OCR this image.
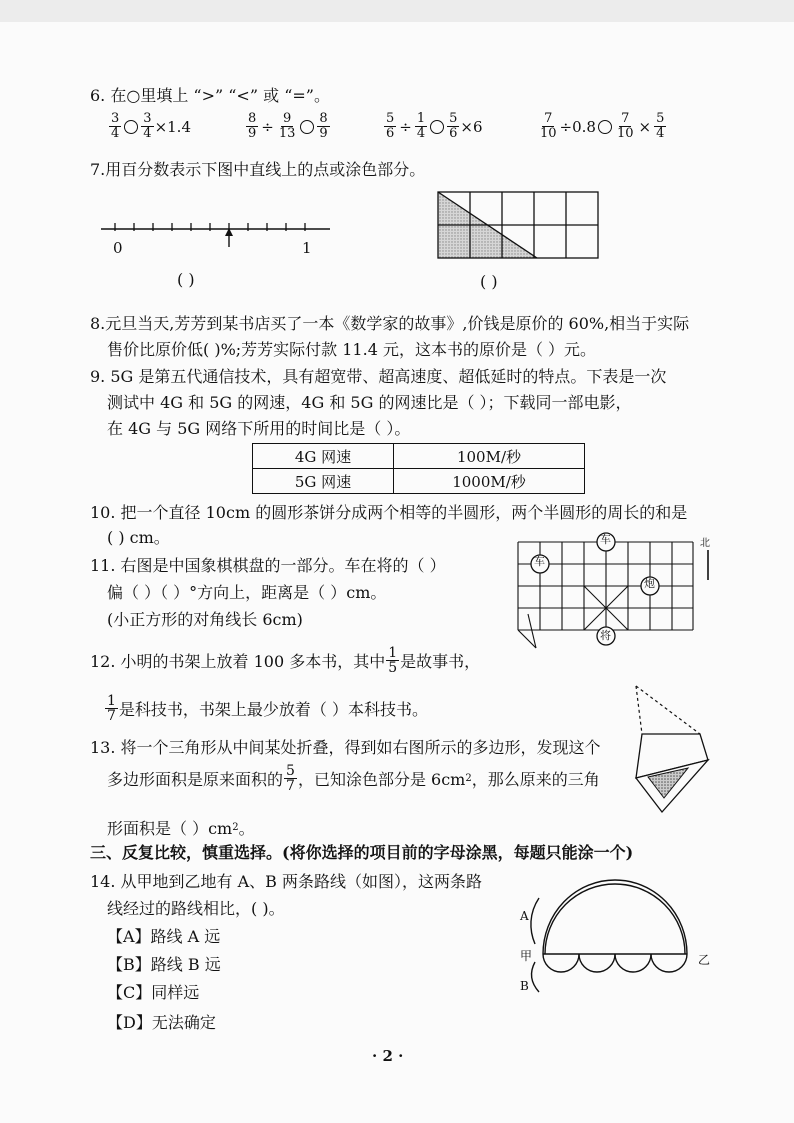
6. 在○里填上 “>” “<” 或 “=”。
$\frac{3}{4} \frac{3}{4} \times 1.4$	$\frac{8}{9} \div \frac{9}{13} \frac{8}{9}$	$\frac{5}{6} \div \frac{1}{4} \frac{5}{6} \times 6$	$\frac{7}{10} \div 0.8 \frac{7}{10} \times \frac{5}{4}$
7.用百分数表示下图中直线上的点或涂色部分。
0	1
( )	( )
8.元旦当天,芳芳到某书店买了一本《数学家的故事》,价钱是原价的 60%,相当于实际
售价比原价低( )%;芳芳实际付款 11.4 元，这本书的原价是（ ）元。
9. 5G 是第五代通信技术，具有超宽带、超高速度、超低延时的特点。下表是一次
测试中 4G 和 5G 的网速，4G 和 5G 的网速比是（ ）；下载同一部电影，
在 4G 与 5G 网络下所用的时间比是（ ）。
4G 网速	100M/秒
5G 网速	1000M/秒
10. 把一个直径 10cm 的圆形茶饼分成两个相等的半圆形，两个半圆形的周长的和是
( ) cm。
11. 右图是中国象棋棋盘的一部分。车在将的（ ）
偏（ ）（ ）°方向上，距离是（ ）cm。
(小正方形的对角线长 6cm)
北
车
车
炮
将
12. 小明的书架上放着 100 多本书，其中 $\frac{1}{5}$ 是故事书，
$\frac{1}{7}$ 是科技书，书架上最少放着（ ）本科技书。
13. 将一个三角形从中间某处折叠，得到如右图所示的多边形，发现这个
多边形面积是原来面积的 $\frac{5}{7}$ ，已知涂色部分是 6cm 2 ，那么原来的三角
形面积是（ ）cm 2 。
三、反复比较，慎重选择。(将你选择的项目前的字母涂黑，每题只能涂一个)
14. 从甲地到乙地有 A、B 两条路线（如图），这两条路
线经过的路线相比，( )。
【A】路线 A 远
【B】路线 B 远
【C】同样远
【D】无法确定
A
甲
B
乙
· 2 ·
